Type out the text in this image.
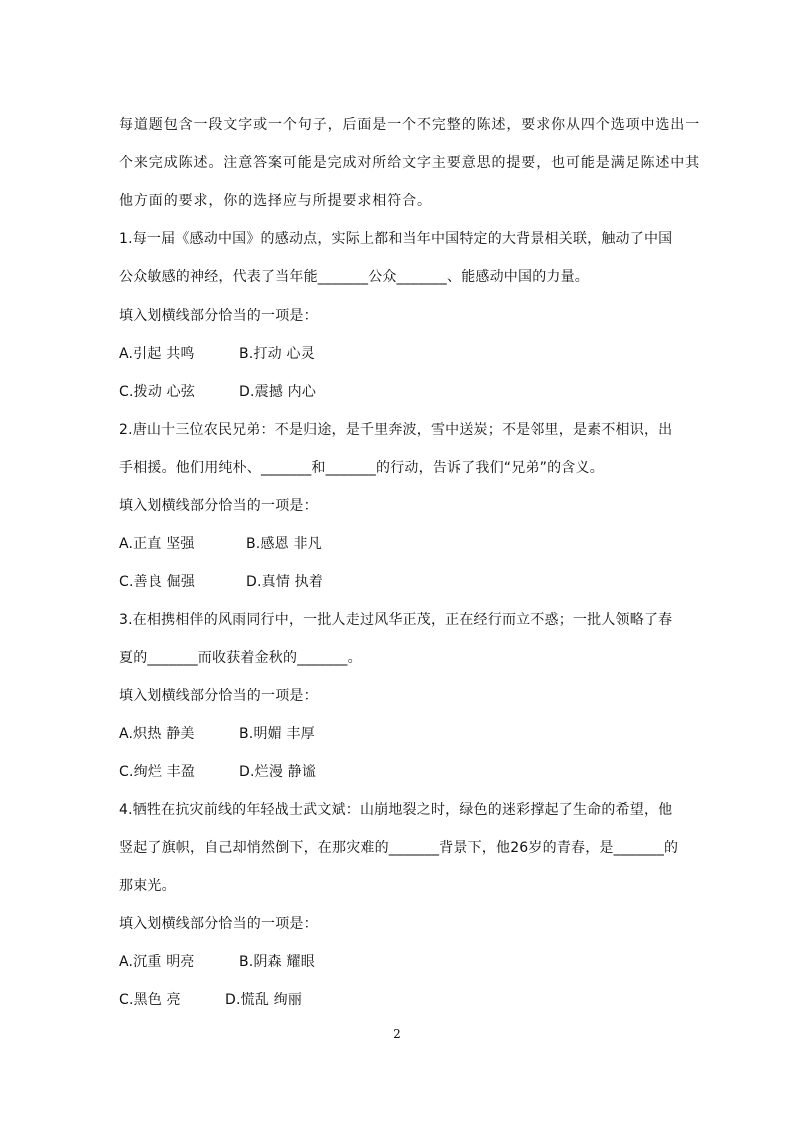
每道题包含一段文字或一个句子，后面是一个不完整的陈述，要求你从四个选项中选出一
个来完成陈述。注意答案可能是完成对所给文字主要意思的提要，也可能是满足陈述中其
他方面的要求，你的选择应与所提要求相符合。
1.每一届《感动中国》的感动点，实际上都和当年中国特定的大背景相关联，触动了中国
公众敏感的神经，代表了当年能_______公众_______、能感动中国的力量。
填入划横线部分恰当的一项是：
A.引起 共鸣	B.打动 心灵
C.拨动 心弦	D.震撼 内心
2.唐山十三位农民兄弟：不是归途，是千里奔波，雪中送炭；不是邻里，是素不相识，出
手相援。他们用纯朴、_______和_______的行动，告诉了我们“兄弟”的含义。
填入划横线部分恰当的一项是：
A.正直 坚强	B.感恩 非凡
C.善良 倔强	D.真情 执着
3.在相携相伴的风雨同行中，一批人走过风华正茂，正在经行而立不惑；一批人领略了春
夏的_______而收获着金秋的_______。
填入划横线部分恰当的一项是：
A.炽热 静美	B.明媚 丰厚
C.绚烂 丰盈	D.烂漫 静谧
4.牺牲在抗灾前线的年轻战士武文斌：山崩地裂之时，绿色的迷彩撑起了生命的希望，他
竖起了旗帜，自己却悄然倒下，在那灾难的_______背景下，他26岁的青春，是_______的
那束光。
填入划横线部分恰当的一项是：
A.沉重 明亮	B.阴森 耀眼
C.黑色 亮	D.慌乱 绚丽
2
